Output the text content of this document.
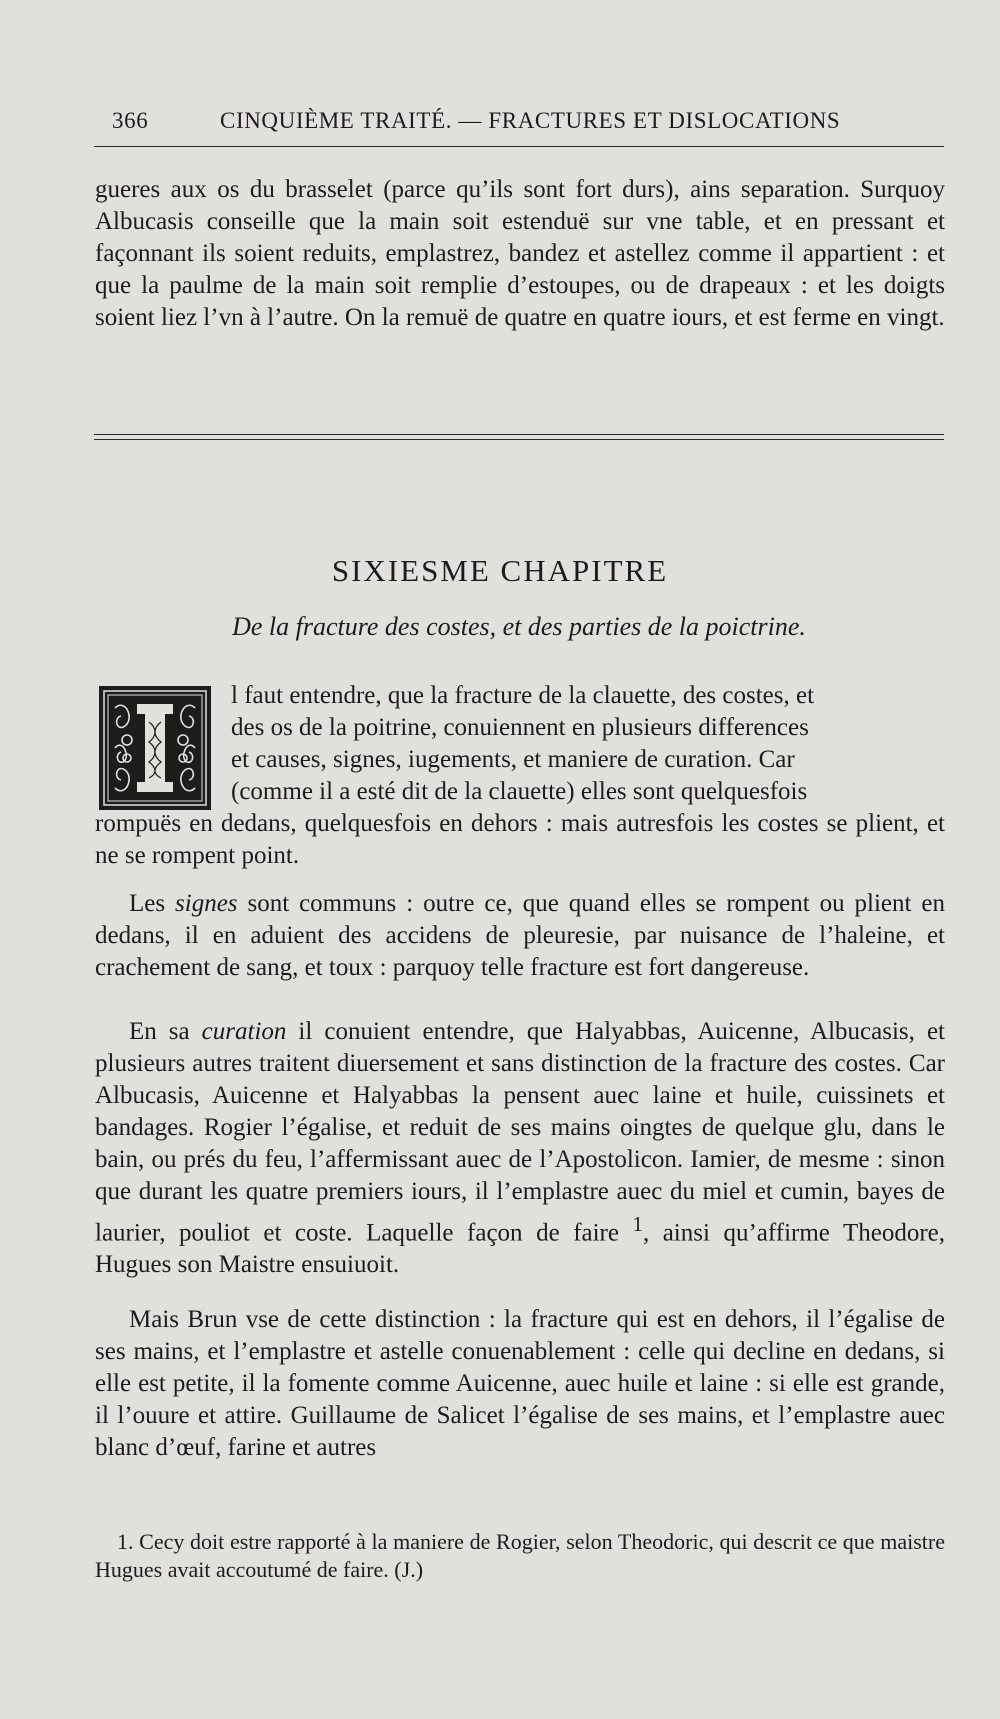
366	CINQUIÈME TRAITÉ. — FRACTURES ET DISLOCATIONS
gueres aux os du brasselet (parce qu’ils sont fort durs), ains separation. Surquoy Albucasis conseille que la main soit estenduë sur vne table, et en pressant et façonnant ils soient reduits, emplastrez, bandez et astellez comme il appartient : et que la paulme de la main soit remplie d’estoupes, ou de drapeaux : et les doigts soient liez l’vn à l’autre. On la remuë de quatre en quatre iours, et est ferme en vingt.
SIXIESME CHAPITRE
De la fracture des costes, et des parties de la poictrine.
l faut entendre, que la fracture de la clauette, des costes, et
des os de la poitrine, conuiennent en plusieurs differences
et causes, signes, iugements, et maniere de curation. Car
(comme il a esté dit de la clauette) elles sont quelquesfois

rompuës en dedans, quelquesfois en dehors : mais autresfois les costes se plient, et ne se rompent point.

Les signes sont communs : outre ce, que quand elles se rompent ou plient en dedans, il en aduient des accidens de pleuresie, par nuisance de l’haleine, et crachement de sang, et toux : parquoy telle fracture est fort dangereuse.

En sa curation il conuient entendre, que Halyabbas, Auicenne, Albucasis, et plusieurs autres traitent diuersement et sans distinction de la fracture des costes. Car Albucasis, Auicenne et Halyabbas la pensent auec laine et huile, cuissinets et bandages. Rogier l’égalise, et reduit de ses mains oingtes de quelque glu, dans le bain, ou prés du feu, l’affermissant auec de l’Apostolicon. Iamier, de mesme : sinon que durant les quatre premiers iours, il l’emplastre auec du miel et cumin, bayes de laurier, pouliot et coste. Laquelle façon de faire $^1$, ainsi qu’affirme Theodore, Hugues son Maistre ensuiuoit.

Mais Brun vse de cette distinction : la fracture qui est en dehors, il l’égalise de ses mains, et l’emplastre et astelle conuenablement : celle qui decline en dedans, si elle est petite, il la fomente comme Auicenne, auec huile et laine : si elle est grande, il l’ouure et attire. Guillaume de Salicet l’égalise de ses mains, et l’emplastre auec blanc d’œuf, farine et autres

1. Cecy doit estre rapporté à la maniere de Rogier, selon Theodoric, qui descrit ce que maistre Hugues avait accoutumé de faire. (J.)
